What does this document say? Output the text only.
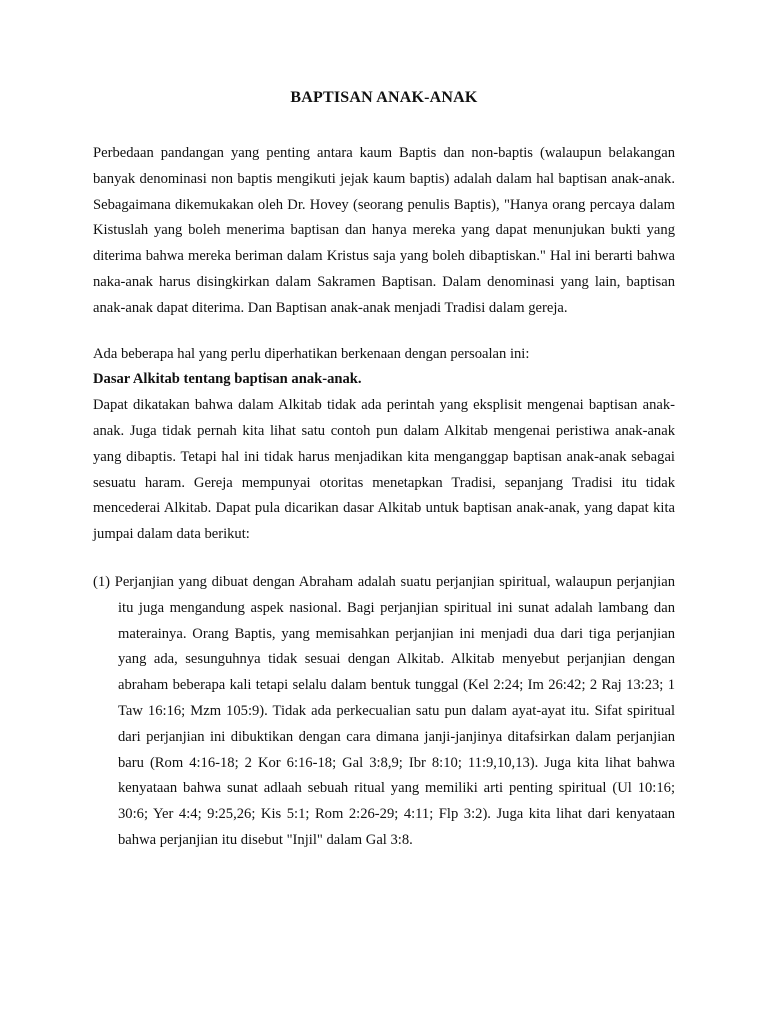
BAPTISAN ANAK-ANAK

Perbedaan pandangan yang penting antara kaum Baptis dan non-baptis (walaupun belakangan banyak denominasi non baptis mengikuti jejak kaum baptis) adalah dalam hal baptisan anak-anak. Sebagaimana dikemukakan oleh Dr. Hovey (seorang penulis Baptis), "Hanya orang percaya dalam Kistuslah yang boleh menerima baptisan dan hanya mereka yang dapat menunjukan bukti yang diterima bahwa mereka beriman dalam Kristus saja yang boleh dibaptiskan." Hal ini berarti bahwa naka-anak harus disingkirkan dalam Sakramen Baptisan. Dalam denominasi yang lain, baptisan anak-anak dapat diterima. Dan Baptisan anak-anak menjadi Tradisi dalam gereja.

Ada beberapa hal yang perlu diperhatikan berkenaan dengan persoalan ini:

Dasar Alkitab tentang baptisan anak-anak.

Dapat dikatakan bahwa dalam Alkitab tidak ada perintah yang eksplisit mengenai baptisan anak-anak. Juga tidak pernah kita lihat satu contoh pun dalam Alkitab mengenai peristiwa anak-anak yang dibaptis. Tetapi hal ini tidak harus menjadikan kita menganggap baptisan anak-anak sebagai sesuatu haram. Gereja mempunyai otoritas menetapkan Tradisi, sepanjang Tradisi itu tidak mencederai Alkitab. Dapat pula dicarikan dasar Alkitab untuk baptisan anak-anak, yang dapat kita jumpai dalam data berikut:

(1) Perjanjian yang dibuat dengan Abraham adalah suatu perjanjian spiritual, walaupun perjanjian itu juga mengandung aspek nasional. Bagi perjanjian spiritual ini sunat adalah lambang dan materainya. Orang Baptis, yang memisahkan perjanjian ini menjadi dua dari tiga perjanjian yang ada, sesunguhnya tidak sesuai dengan Alkitab. Alkitab menyebut perjanjian dengan abraham beberapa kali tetapi selalu dalam bentuk tunggal (Kel 2:24; Im 26:42; 2 Raj 13:23; 1 Taw 16:16; Mzm 105:9). Tidak ada perkecualian satu pun dalam ayat-ayat itu. Sifat spiritual dari perjanjian ini dibuktikan dengan cara dimana janji-janjinya ditafsirkan dalam perjanjian baru (Rom 4:16-18; 2 Kor 6:16-18; Gal 3:8,9; Ibr 8:10; 11:9,10,13). Juga kita lihat bahwa kenyataan bahwa sunat adlaah sebuah ritual yang memiliki arti penting spiritual (Ul 10:16; 30:6; Yer 4:4; 9:25,26; Kis 5:1; Rom 2:26-29; 4:11; Flp 3:2). Juga kita lihat dari kenyataan bahwa perjanjian itu disebut "Injil" dalam Gal 3:8.
